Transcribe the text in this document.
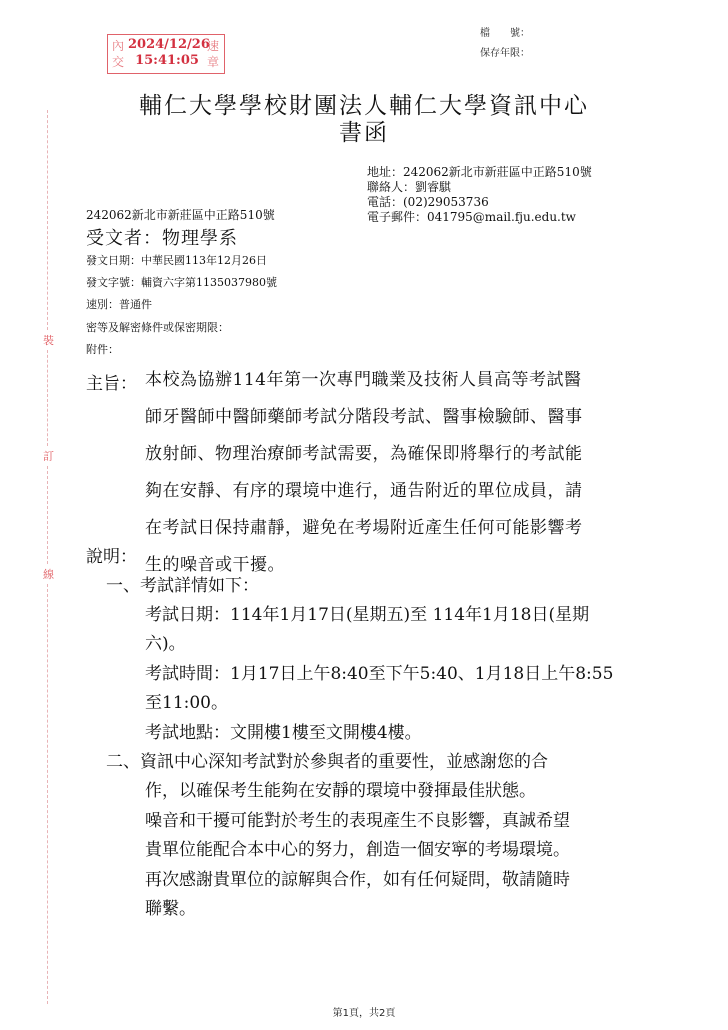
內
交
2024/12/26
15:41:05
速
章
檔　　號：
保存年限：
輔仁大學學校財團法人輔仁大學資訊中心
書函
地址：242062新北市新莊區中正路510號
聯絡人：劉睿騏
電話：(02)29053736
電子郵件：041795@mail.fju.edu.tw
242062新北市新莊區中正路510號
受文者：物理學系
發文日期：中華民國113年12月26日
發文字號：輔資六字第1135037980號
速別：普通件
密等及解密條件或保密期限：
附件：
裝
訂
線
主旨： 本校為協辦114年第一次專門職業及技術人員高等考試醫
師牙醫師中醫師藥師考試分階段考試、醫事檢驗師、醫事
放射師、物理治療師考試需要，為確保即將舉行的考試能
夠在安靜、有序的環境中進行，通告附近的單位成員，請
在考試日保持肅靜，避免在考場附近產生任何可能影響考
生的噪音或干擾。
說明：
一、考試詳情如下：
考試日期：114年1月17日(星期五)至 114年1月18日(星期
六)。
考試時間：1月17日上午8:40至下午5:40、1月18日上午8:55
至11:00。
考試地點：文開樓1樓至文開樓4樓。
二、資訊中心深知考試對於參與者的重要性，並感謝您的合
作，以確保考生能夠在安靜的環境中發揮最佳狀態。
噪音和干擾可能對於考生的表現產生不良影響，真誠希望
貴單位能配合本中心的努力，創造一個安寧的考場環境。
再次感謝貴單位的諒解與合作，如有任何疑問，敬請隨時
聯繫。
第1頁，共2頁
